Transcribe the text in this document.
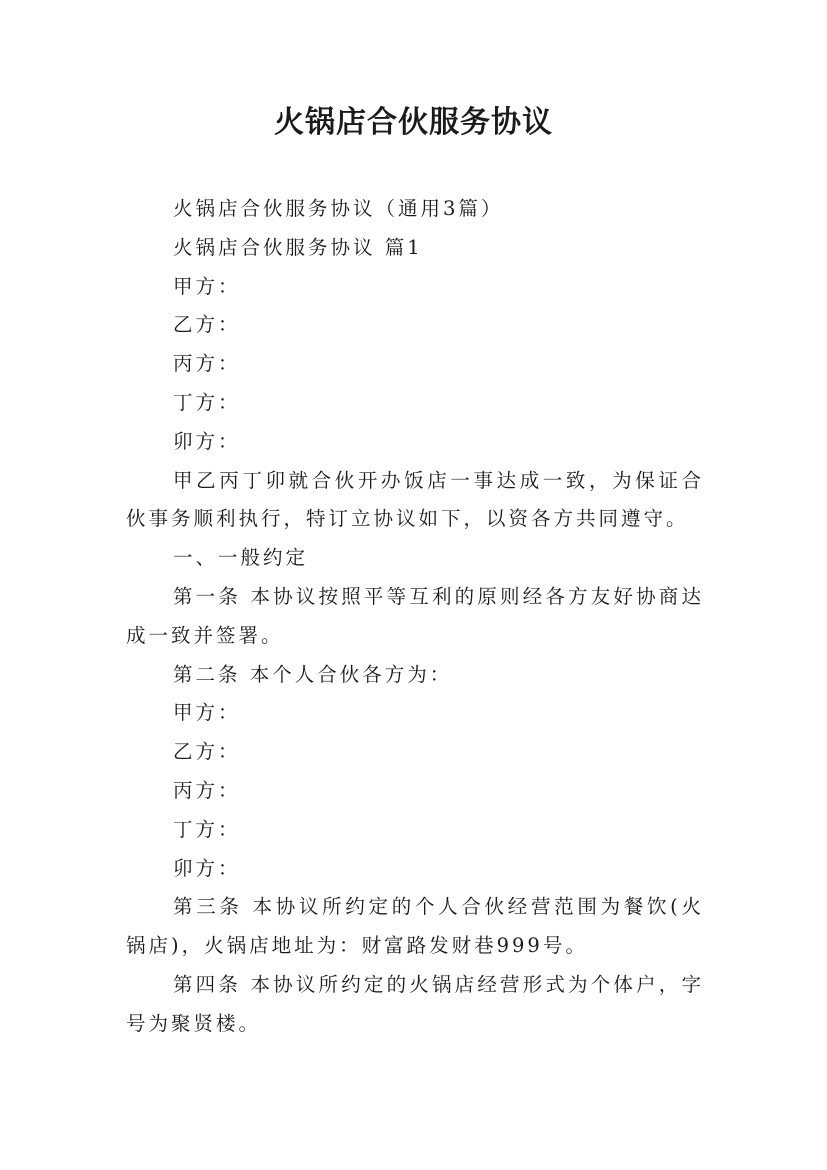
火锅店合伙服务协议

火锅店合伙服务协议（通用3篇）

火锅店合伙服务协议 篇1

甲方：

乙方：

丙方：

丁方：

卯方：

甲乙丙丁卯就合伙开办饭店一事达成一致，为保证合伙事务顺利执行，特订立协议如下，以资各方共同遵守。

一、一般约定

第一条 本协议按照平等互利的原则经各方友好协商达成一致并签署。

第二条 本个人合伙各方为：

甲方：

乙方：

丙方：

丁方：

卯方：

第三条 本协议所约定的个人合伙经营范围为餐饮(火锅店)，火锅店地址为：财富路发财巷999号。

第四条 本协议所约定的火锅店经营形式为个体户，字号为聚贤楼。
